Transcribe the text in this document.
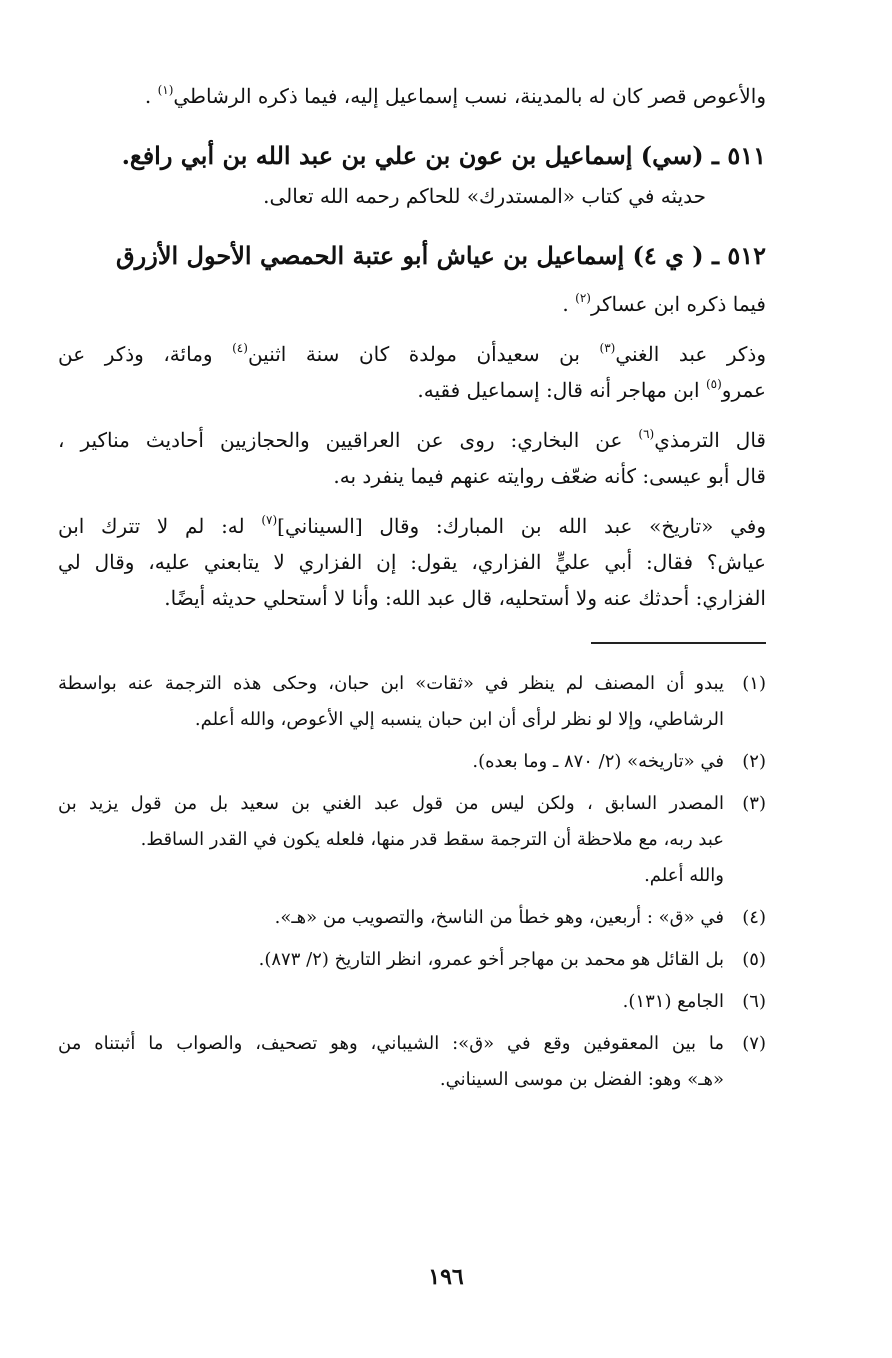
والأعوص قصر كان له بالمدينة، نسب إسماعيل إليه، فيما ذكره الرشاطي$^{(١)}$ .
٥١١ ـ (سي) إسماعيل بن عون بن علي بن عبد الله بن أبي رافع.
حديثه في كتاب «المستدرك» للحاكم رحمه الله تعالى.
٥١٢ ـ ( ي ٤) إسماعيل بن عياش أبو عتبة الحمصي الأحول الأزرق
فيما ذكره ابن عساكر$^{(٢)}$ .
وذكر عبد الغني$^{(٣)}$ بن سعيدأن مولدة كان سنة اثنين$^{(٤)}$ ومائة، وذكر عن
عمرو$^{(٥)}$ ابن مهاجر أنه قال: إسماعيل فقيه.
قال الترمذي$^{(٦)}$ عن البخاري: روى عن العراقيين والحجازيين أحاديث مناكير ،
قال أبو عيسى: كأنه ضعّف روايته عنهم فيما ينفرد به.
وفي «تاريخ» عبد الله بن المبارك: وقال [السيناني]$^{(٧)}$ له: لم لا تترك ابن
عياش؟ فقال: أبي عليٍّ الفزاري، يقول: إن الفزاري لا يتابعني عليه، وقال لي
الفزاري: أحدثك عنه ولا أستحليه، قال عبد الله: وأنا لا أستحلي حديثه أيضًا.
(١)
يبدو أن المصنف لم ينظر في «ثقات» ابن حبان، وحكى هذه الترجمة عنه بواسطة
الرشاطي، وإلا لو نظر لرأى أن ابن حبان ينسبه إلي الأعوص، والله أعلم.
(٢)
في «تاريخه» (٢/ ٨٧٠ ـ وما بعده).
(٣)
المصدر السابق ، ولكن ليس من قول عبد الغني بن سعيد بل من قول يزيد بن
عبد ربه، مع ملاحظة أن الترجمة سقط قدر منها، فلعله يكون في القدر الساقط.
والله أعلم.
(٤)
في «ق» : أربعين، وهو خطأ من الناسخ، والتصويب من «هـ».
(٥)
بل القائل هو محمد بن مهاجر أخو عمرو، انظر التاريخ (٢/ ٨٧٣).
(٦)
الجامع (١٣١).
(٧)
ما بين المعقوفين وقع في «ق»: الشيباني، وهو تصحيف، والصواب ما أثبتناه من
«هـ» وهو: الفضل بن موسى السيناني.
١٩٦
